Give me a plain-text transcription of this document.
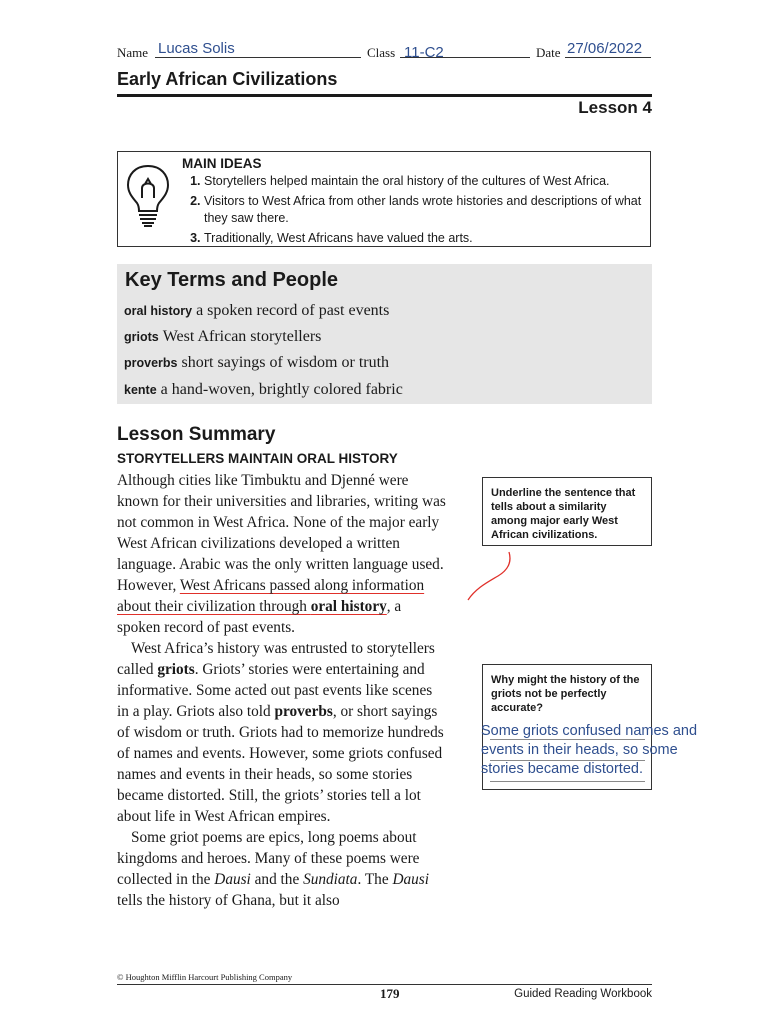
Name Lucas Solis	Class 11-C2	Date 27/06/2022
Early African Civilizations
Lesson 4
MAIN IDEAS
1. Storytellers helped maintain the oral history of the cultures of West Africa.
2. Visitors to West Africa from other lands wrote histories and descriptions of what they saw there.
3. Traditionally, West Africans have valued the arts.
Key Terms and People
oral history a spoken record of past events
griots West African storytellers
proverbs short sayings of wisdom or truth
kente a hand-woven, brightly colored fabric
Lesson Summary
STORYTELLERS MAINTAIN ORAL HISTORY

Although cities like Timbuktu and Djenné were known for their universities and libraries, writing was not common in West Africa. None of the major early West African civilizations developed a written language. Arabic was the only written language used. However, West Africans passed along information about their civilization through oral history, a spoken record of past events.

West Africa’s history was entrusted to storytellers called griots. Griots’ stories were entertaining and informative. Some acted out past events like scenes in a play. Griots also told proverbs, or short sayings of wisdom or truth. Griots had to memorize hundreds of names and events. However, some griots confused names and events in their heads, so some stories became distorted. Still, the griots’ stories tell a lot about life in West African empires.

Some griot poems are epics, long poems about kingdoms and heroes. Many of these poems were collected in the Dausi and the Sundiata. The Dausi tells the history of Ghana, but it also

Underline the sentence that tells about a similarity among major early West African civilizations.
Why might the history of the griots not be perfectly accurate?
Some griots confused names and
events in their heads, so some
stories became distorted.
© Houghton Mifflin Harcourt Publishing Company
179	Guided Reading Workbook
